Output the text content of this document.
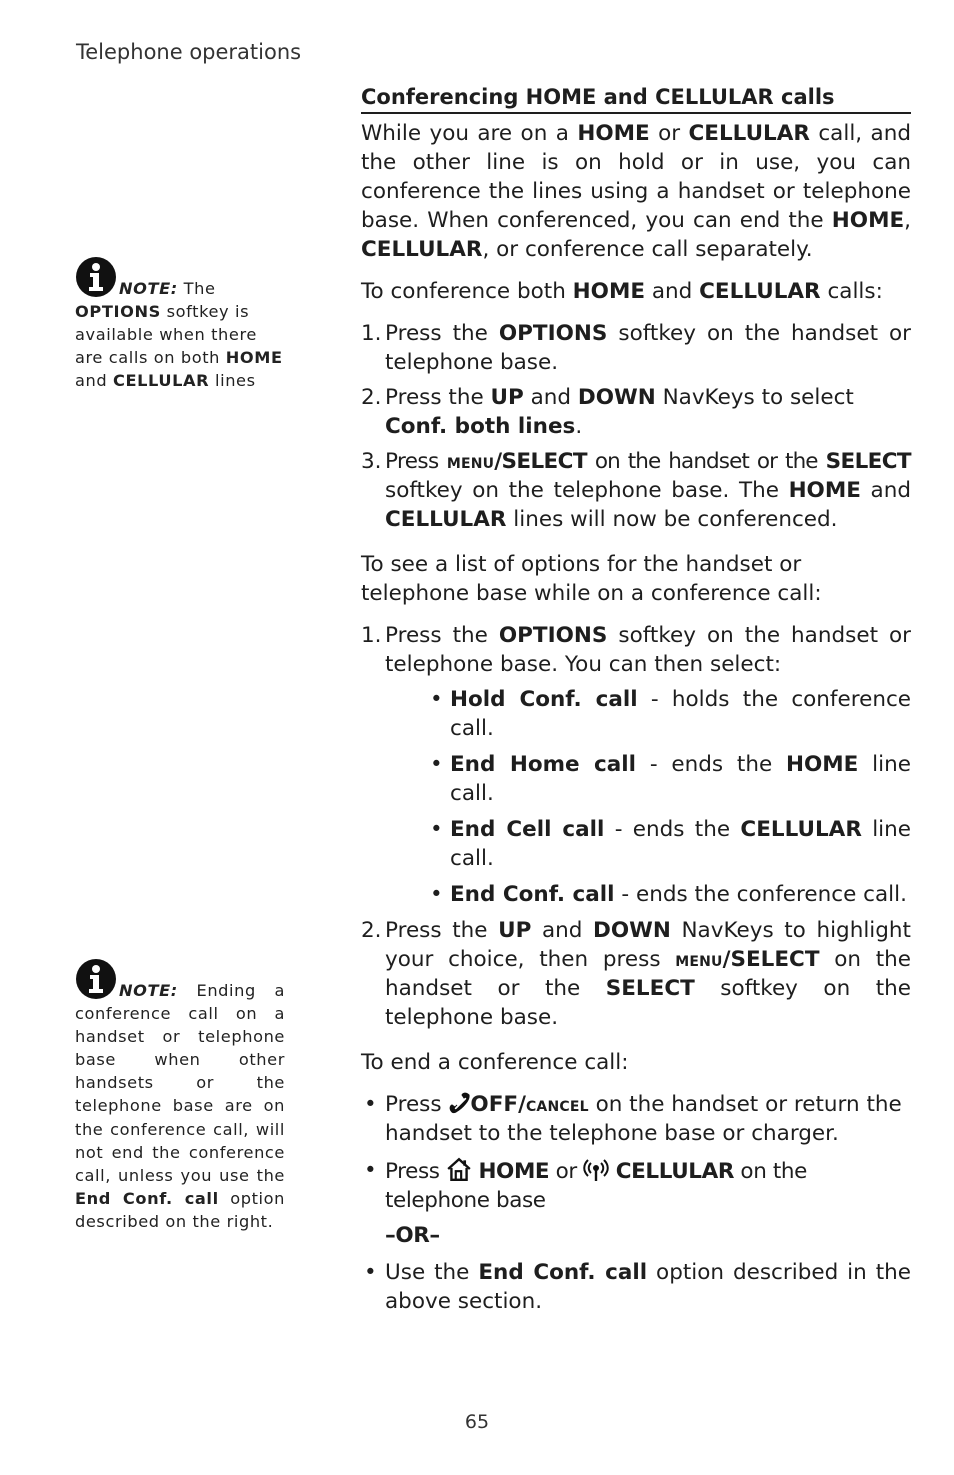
Telephone operations
NOTE: The OPTIONS softkey is available when there are calls on both HOME and CELLULAR lines
NOTE: Ending a conference call on a handset or telephone base when other handsets or the telephone base are on the conference call, will not end the conference call, unless you use the End Conf. call option described on the right.
Conferencing HOME and CELLULAR calls

While you are on a HOME or CELLULAR call, and the other line is on hold or in use, you can conference the lines using a handset or telephone base. When conferenced, you can end the HOME, CELLULAR, or conference call separately.

To conference both HOME and CELLULAR calls:

1. Press the OPTIONS softkey on the handset or telephone base.
2. Press the UP and DOWN NavKeys to select Conf. both lines.
3. Press menu/SELECT on the handset or the SELECT softkey on the telephone base. The HOME and CELLULAR lines will now be conferenced.

To see a list of options for the handset or telephone base while on a conference call:

1. Press the OPTIONS softkey on the handset or telephone base. You can then select:
• Hold Conf. call - holds the conference call.
• End Home call - ends the HOME line call.
• End Cell call - ends the CELLULAR line call.
• End Conf. call - ends the conference call.
2. Press the UP and DOWN NavKeys to highlight your choice, then press menu/SELECT on the handset or the SELECT softkey on the telephone base.

To end a conference call:

• Press OFF/cancel on the handset or return the handset to the telephone base or charger.
• Press  HOME or  CELLULAR on the telephone base
–OR–
• Use the End Conf. call option described in the above section.
65
